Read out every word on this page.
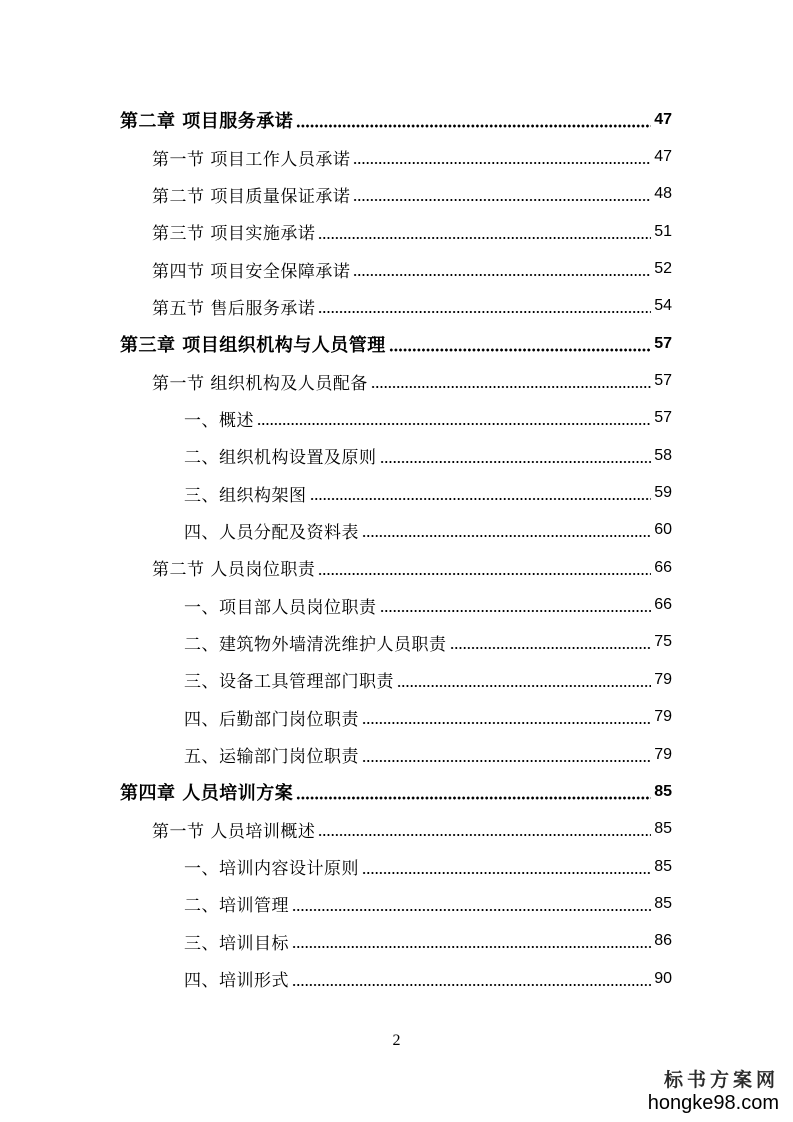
第二章 项目服务承诺	47
第一节 项目工作人员承诺	47
第二节 项目质量保证承诺	48
第三节 项目实施承诺	51
第四节 项目安全保障承诺	52
第五节 售后服务承诺	54
第三章 项目组织机构与人员管理	57
第一节 组织机构及人员配备	57
一、概述	57
二、组织机构设置及原则	58
三、组织构架图	59
四、人员分配及资料表	60
第二节 人员岗位职责	66
一、项目部人员岗位职责	66
二、建筑物外墙清洗维护人员职责	75
三、设备工具管理部门职责	79
四、后勤部门岗位职责	79
五、运输部门岗位职责	79
第四章 人员培训方案	85
第一节 人员培训概述	85
一、培训内容设计原则	85
二、培训管理	85
三、培训目标	86
四、培训形式	90
2
标书方案网
hongke98.com
